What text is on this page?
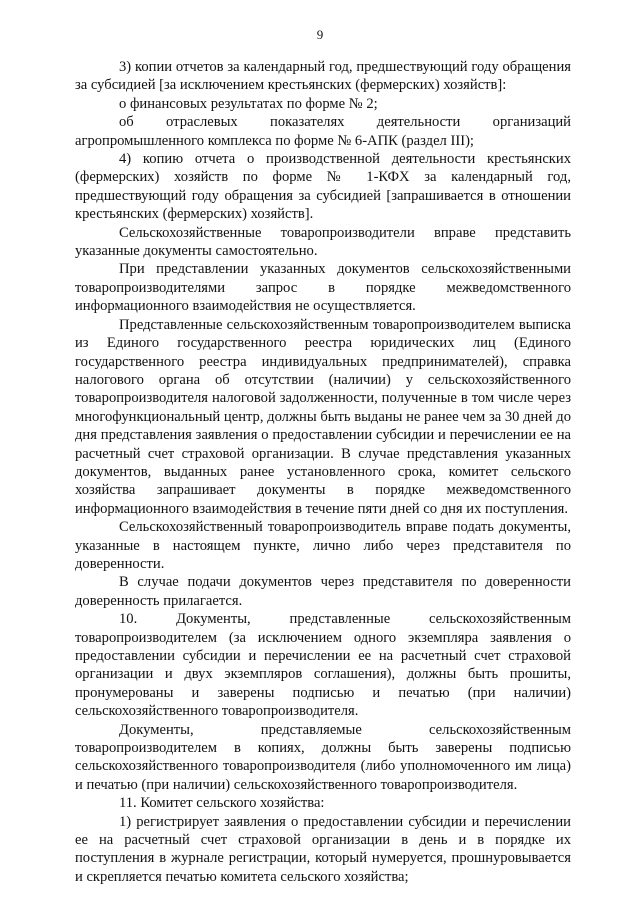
9

3) копии отчетов за календарный год, предшествующий году обращения за субсидией [за исключением крестьянских (фермерских) хозяйств]:

о финансовых результатах по форме № 2;

об отраслевых показателях деятельности организаций агропромышленного комплекса по форме № 6-АПК (раздел III);

4) копию отчета о производственной деятельности крестьянских (фермерских) хозяйств по форме № 1-КФХ за календарный год, предшествующий году обращения за субсидией [запрашивается в отношении крестьянских (фермерских) хозяйств].

Сельскохозяйственные товаропроизводители вправе представить указанные документы самостоятельно.

При представлении указанных документов сельскохозяйственными товаропроизводителями запрос в порядке межведомственного информационного взаимодействия не осуществляется.

Представленные сельскохозяйственным товаропроизводителем выписка из Единого государственного реестра юридических лиц (Единого государственного реестра индивидуальных предпринимателей), справка налогового органа об отсутствии (наличии) у сельскохозяйственного товаропроизводителя налоговой задолженности, полученные в том числе через многофункциональный центр, должны быть выданы не ранее чем за 30 дней до дня представления заявления о предоставлении субсидии и перечислении ее на расчетный счет страховой организации. В случае представления указанных документов, выданных ранее установленного срока, комитет сельского хозяйства запрашивает документы в порядке межведомственного информационного взаимодействия в течение пяти дней со дня их поступления.

Сельскохозяйственный товаропроизводитель вправе подать документы, указанные в настоящем пункте, лично либо через представителя по доверенности.

В случае подачи документов через представителя по доверенности доверенность прилагается.

10. Документы, представленные сельскохозяйственным товаропроизводителем (за исключением одного экземпляра заявления о предоставлении субсидии и перечислении ее на расчетный счет страховой организации и двух экземпляров соглашения), должны быть прошиты, пронумерованы и заверены подписью и печатью (при наличии) сельскохозяйственного товаропроизводителя.

Документы, представляемые сельскохозяйственным товаропроизводителем в копиях, должны быть заверены подписью сельскохозяйственного товаропроизводителя (либо уполномоченного им лица) и печатью (при наличии) сельскохозяйственного товаропроизводителя.

11. Комитет сельского хозяйства:

1) регистрирует заявления о предоставлении субсидии и перечислении ее на расчетный счет страховой организации в день и в порядке их поступления в журнале регистрации, который нумеруется, прошнуровывается и скрепляется печатью комитета сельского хозяйства;
